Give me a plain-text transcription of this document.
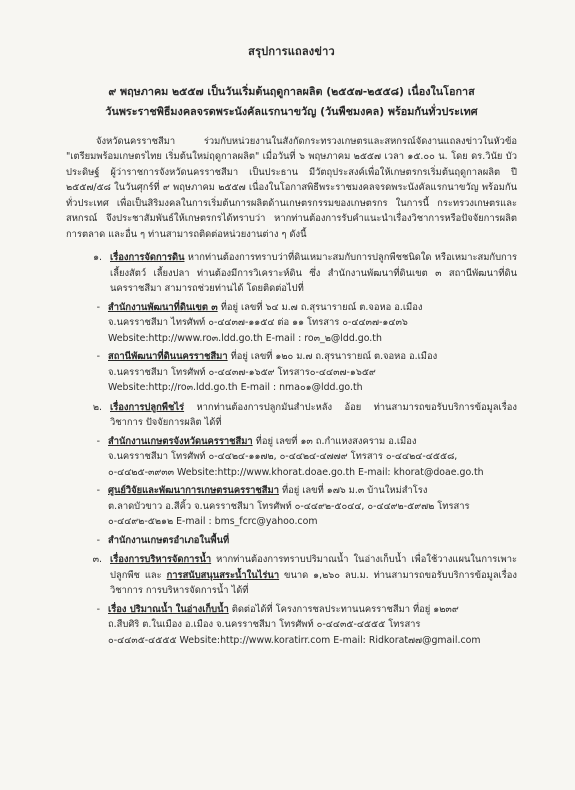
สรุปการแถลงข่าว
๙ พฤษภาคม ๒๕๕๗ เป็นวันเริ่มต้นฤดูกาลผลิต (๒๕๕๗-๒๕๕๘) เนื่องในโอกาส
วันพระราชพิธีมงคลจรดพระนังคัลแรกนาขวัญ (วันพืชมงคล) พร้อมกันทั่วประเทศ
จังหวัดนครราชสีมา ร่วมกับหน่วยงานในสังกัดกระทรวงเกษตรและสหกรณ์จัดงานแถลงข่าวในหัวข้อ "เตรียมพร้อมเกษตรไทย เริ่มต้นใหม่ฤดูกาลผลิต" เมื่อวันที่ ๖ พฤษภาคม ๒๕๕๗ เวลา ๑๕.๐๐ น. โดย ดร.วินัย บัวประดิษฐ์ ผู้ว่าราชการจังหวัดนครราชสีมา เป็นประธาน มีวัตถุประสงค์เพื่อให้เกษตรกรเริ่มต้นฤดูกาลผลิต ปี ๒๕๕๗/๕๘ ในวันศุกร์ที่ ๙ พฤษภาคม ๒๕๕๗ เนื่องในโอกาสพิธีพระราชมงคลจรดพระนังคัลแรกนาขวัญ พร้อมกันทั่วประเทศ เพื่อเป็นสิริมงคลในการเริ่มต้นการผลิตด้านเกษตรกรรมของเกษตรกร ในการนี้ กระทรวงเกษตรและสหกรณ์ จึงประชาสัมพันธ์ให้เกษตรกรได้ทราบว่า หากท่านต้องการรับคำแนะนำเรื่องวิชาการหรือปัจจัยการผลิต การตลาด และอื่น ๆ ท่านสามารถติดต่อหน่วยงานต่าง ๆ ดังนี้
๑. เรื่องการจัดการดิน หากท่านต้องการทราบว่าที่ดินเหมาะสมกับการปลูกพืชชนิดใด หรือเหมาะสมกับการเลี้ยงสัตว์ เลี้ยงปลา ท่านต้องมีการวิเคราะห์ดิน ซึ่ง สำนักงานพัฒนาที่ดินเขต ๓ สถานีพัฒนาที่ดินนครราชสีมา สามารถช่วยท่านได้ โดยติดต่อไปที่
- สำนักงานพัฒนาที่ดินเขต ๓ ที่อยู่ เลขที่ ๖๔ ม.๗ ถ.สุรนารายณ์ ต.จอหอ อ.เมือง
จ.นครราชสีมา ไทรศัพท์ ๐-๔๔๓๗-๑๑๕๔ ต่อ ๑๑ โทรสาร ๐-๔๔๓๗-๑๔๓๖
Website:http://www.ro๓.ldd.go.th E-mail : ro๓_๒@ldd.go.th
- สถานีพัฒนาที่ดินนครราชสีมา ที่อยู่ เลขที่ ๑๒๐ ม.๗ ถ.สุรนารายณ์ ต.จอหอ อ.เมือง
จ.นครราชสีมา โทรศัพท์ ๐-๔๔๓๗-๑๖๕๙ โทรสาร๐-๔๔๓๗-๑๖๕๙
Website:http://ro๓.ldd.go.th E-mail : nma๐๑@ldd.go.th
๒. เรื่องการปลูกพืชไร่ หากท่านต้องการปลูกมันสำปะหลัง อ้อย ท่านสามารถขอรับบริการข้อมูลเรื่องวิชาการ ปัจจัยการผลิต ได้ที่
- สำนักงานเกษตรจังหวัดนครราชสีมา ที่อยู่ เลขที่ ๑๓ ถ.กำแหงสงคราม อ.เมือง
จ.นครราชสีมา โทรศัพท์ ๐-๔๔๒๔-๑๑๗๒, ๐-๔๔๒๔-๔๗๗๙ โทรสาร ๐-๔๔๒๔-๔๕๕๘,
๐-๔๔๒๕-๓๙๓๓ Website:http://www.khorat.doae.go.th E-mail: khorat@doae.go.th
- ศูนย์วิจัยและพัฒนาการเกษตรนครราชสีมา ที่อยู่ เลขที่ ๑๗๖ ม.๓ บ้านใหม่สำโรง
ต.ลาดบัวขาว อ.สีคิ้ว จ.นครราชสีมา โทรศัพท์ ๐-๔๔๙๒-๕๐๔๔, ๐-๔๔๙๒-๕๙๗๒ โทรสาร
๐-๔๔๙๒-๕๒๑๒ E-mail : bms_fcrc@yahoo.com
- สำนักงานเกษตรอำเภอในพื้นที่
๓. เรื่องการบริหารจัดการน้ำ หากท่านต้องการทราบปริมาณน้ำ ในอ่างเก็บน้ำ เพื่อใช้วางแผนในการเพาะปลูกพืช และ การสนับสนุนสระน้ำในไร่นา ขนาด ๑,๒๖๐ ลบ.ม. ท่านสามารถขอรับบริการข้อมูลเรื่องวิชาการ การบริหารจัดการน้ำ ได้ที่
- เรื่อง ปริมาณน้ำ ในอ่างเก็บน้ำ ติดต่อได้ที่ โครงการชลประทานนครราชสีมา ที่อยู่ ๑๒๓๙
ถ.สืบศิริ ต.ในเมือง อ.เมือง จ.นครราชสีมา โทรศัพท์ ๐-๔๔๓๕-๔๕๕๕ โทรสาร
๐-๔๔๓๕-๔๕๕๕ Website:http://www.koratirr.com E-mail: Ridkorat๗๗@gmail.com
